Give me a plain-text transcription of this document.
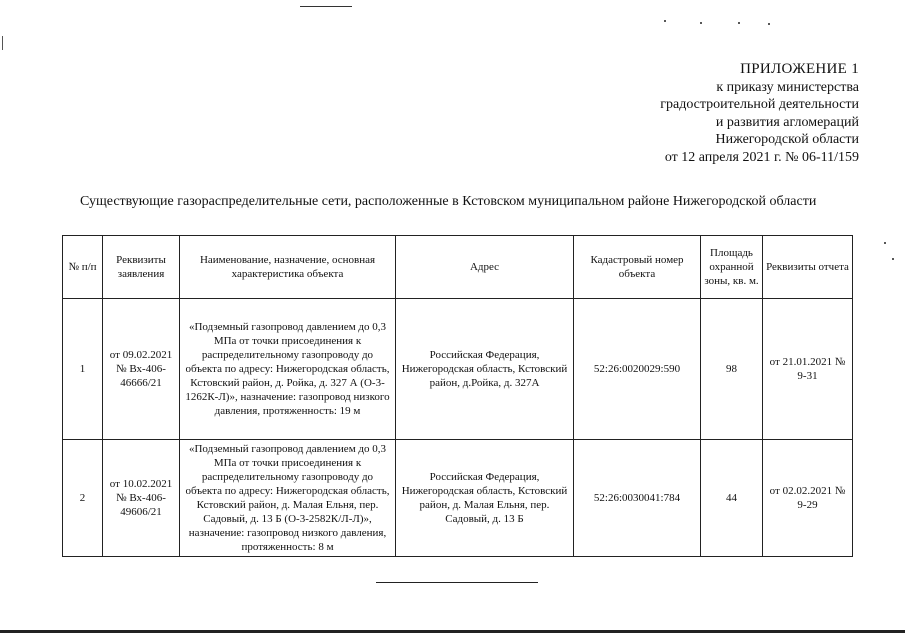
ПРИЛОЖЕНИЕ 1
к приказу министерства
градостроительной деятельности
и развития агломераций
Нижегородской области
от 12 апреля 2021 г. № 06-11/159
Существующие газораспределительные сети, расположенные в Кстовском муниципальном районе Нижегородской области
№ п/п	Реквизиты заявления	Наименование, назначение, основная характеристика объекта	Адрес	Кадастровый номер объекта	Площадь охранной зоны, кв. м.	Реквизиты отчета
1	от 09.02.2021 № Вх-406-46666/21	«Подземный газопровод давлением до 0,3 МПа от точки присоединения к распределительному газопроводу до объекта по адресу: Нижегородская область, Кстовский район, д. Ройка, д. 327 А (О-3-1262К-Л)», назначение: газопровод низкого давления, протяженность: 19 м	Российская Федерация, Нижегородская область, Кстовский район, д.Ройка, д. 327А	52:26:0020029:590	98	от 21.01.2021 № 9-31
2	от 10.02.2021 № Вх-406-49606/21	«Подземный газопровод давлением до 0,3 МПа от точки присоединения к распределительному газопроводу до объекта по адресу: Нижегородская область, Кстовский район, д. Малая Ельня, пер. Садовый, д. 13 Б (О-3-2582К/Л-Л)», назначение: газопровод низкого давления, протяженность: 8 м	Российская Федерация, Нижегородская область, Кстовский район, д. Малая Ельня, пер. Садовый, д. 13 Б	52:26:0030041:784	44	от 02.02.2021 № 9-29
